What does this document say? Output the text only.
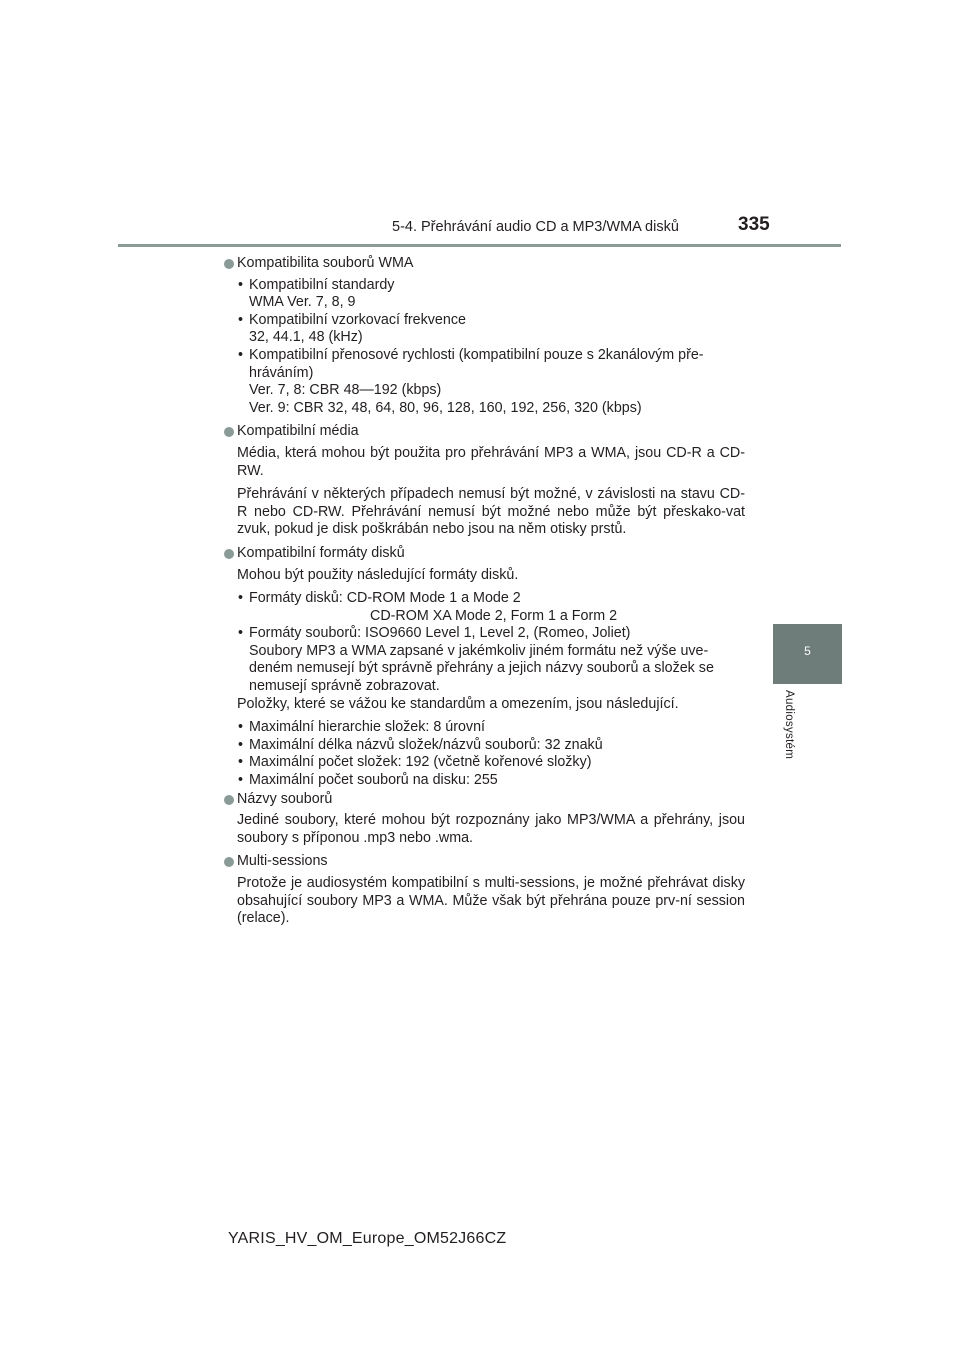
5-4. Přehrávání audio CD a MP3/WMA disků	335
5
Audiosystém
Kompatibilita souborů WMA
• Kompatibilní standardy
WMA Ver. 7, 8, 9
• Kompatibilní vzorkovací frekvence
32, 44.1, 48 (kHz)
• Kompatibilní přenosové rychlosti (kompatibilní pouze s 2kanálovým pře-
hráváním)
Ver. 7, 8: CBR 48—192 (kbps)
Ver. 9: CBR 32, 48, 64, 80, 96, 128, 160, 192, 256, 320 (kbps)
Kompatibilní média
Média, která mohou být použita pro přehrávání MP3 a WMA, jsou CD-R a CD-RW.
Přehrávání v některých případech nemusí být možné, v závislosti na stavu CD-R nebo CD-RW. Přehrávání nemusí být možné nebo může být přeskako-vat zvuk, pokud je disk poškrábán nebo jsou na něm otisky prstů.
Kompatibilní formáty disků
Mohou být použity následující formáty disků.
• Formáty disků: CD-ROM Mode 1 a Mode 2
CD-ROM XA Mode 2, Form 1 a Form 2
• Formáty souborů: ISO9660 Level 1, Level 2, (Romeo, Joliet)
Soubory MP3 a WMA zapsané v jakémkoliv jiném formátu než výše uve-
deném nemusejí být správně přehrány a jejich názvy souborů a složek se
nemusejí správně zobrazovat.
Položky, které se vážou ke standardům a omezením, jsou následující.
• Maximální hierarchie složek: 8 úrovní
• Maximální délka názvů složek/názvů souborů: 32 znaků
• Maximální počet složek: 192 (včetně kořenové složky)
• Maximální počet souborů na disku: 255
Názvy souborů
Jediné soubory, které mohou být rozpoznány jako MP3/WMA a přehrány, jsou soubory s příponou .mp3 nebo .wma.
Multi-sessions
Protože je audiosystém kompatibilní s multi-sessions, je možné přehrávat disky obsahující soubory MP3 a WMA. Může však být přehrána pouze prv-ní session (relace).
YARIS_HV_OM_Europe_OM52J66CZ
